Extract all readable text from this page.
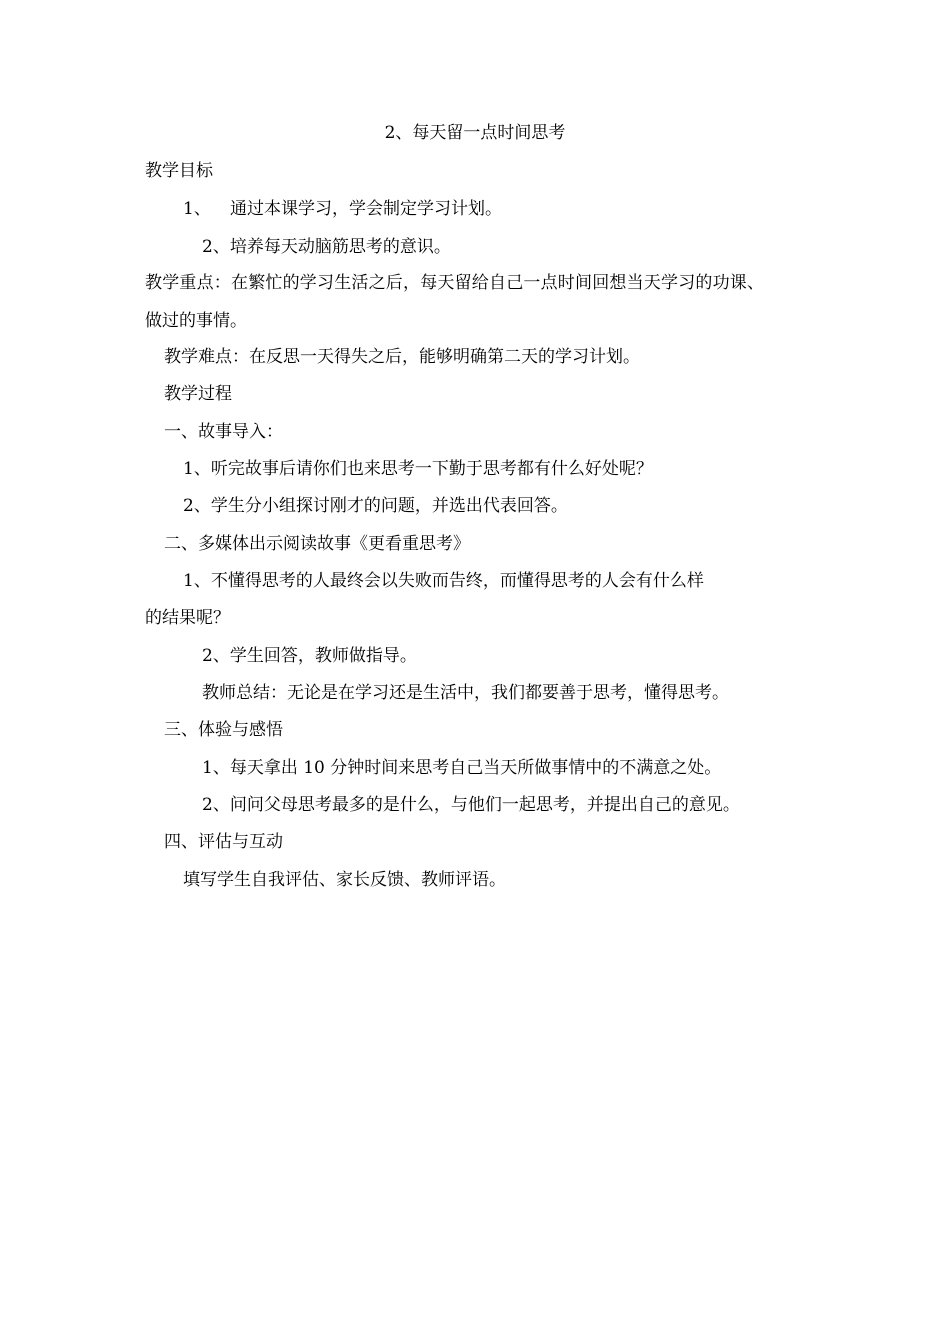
2、每天留一点时间思考
教学目标
1、 通过本课学习，学会制定学习计划。
2、培养每天动脑筋思考的意识。
教学重点：在繁忙的学习生活之后，每天留给自己一点时间回想当天学习的功课、
做过的事情。
教学难点：在反思一天得失之后，能够明确第二天的学习计划。
教学过程
一、故事导入：
1、听完故事后请你们也来思考一下勤于思考都有什么好处呢？
2、学生分小组探讨刚才的问题，并选出代表回答。
二、多媒体出示阅读故事《更看重思考》
1、不懂得思考的人最终会以失败而告终，而懂得思考的人会有什么样
的结果呢？
2、学生回答，教师做指导。
教师总结：无论是在学习还是生活中，我们都要善于思考，懂得思考。
三、体验与感悟
1、每天拿出 10 分钟时间来思考自己当天所做事情中的不满意之处。
2、问问父母思考最多的是什么，与他们一起思考，并提出自己的意见。
四、评估与互动
填写学生自我评估、家长反馈、教师评语。
